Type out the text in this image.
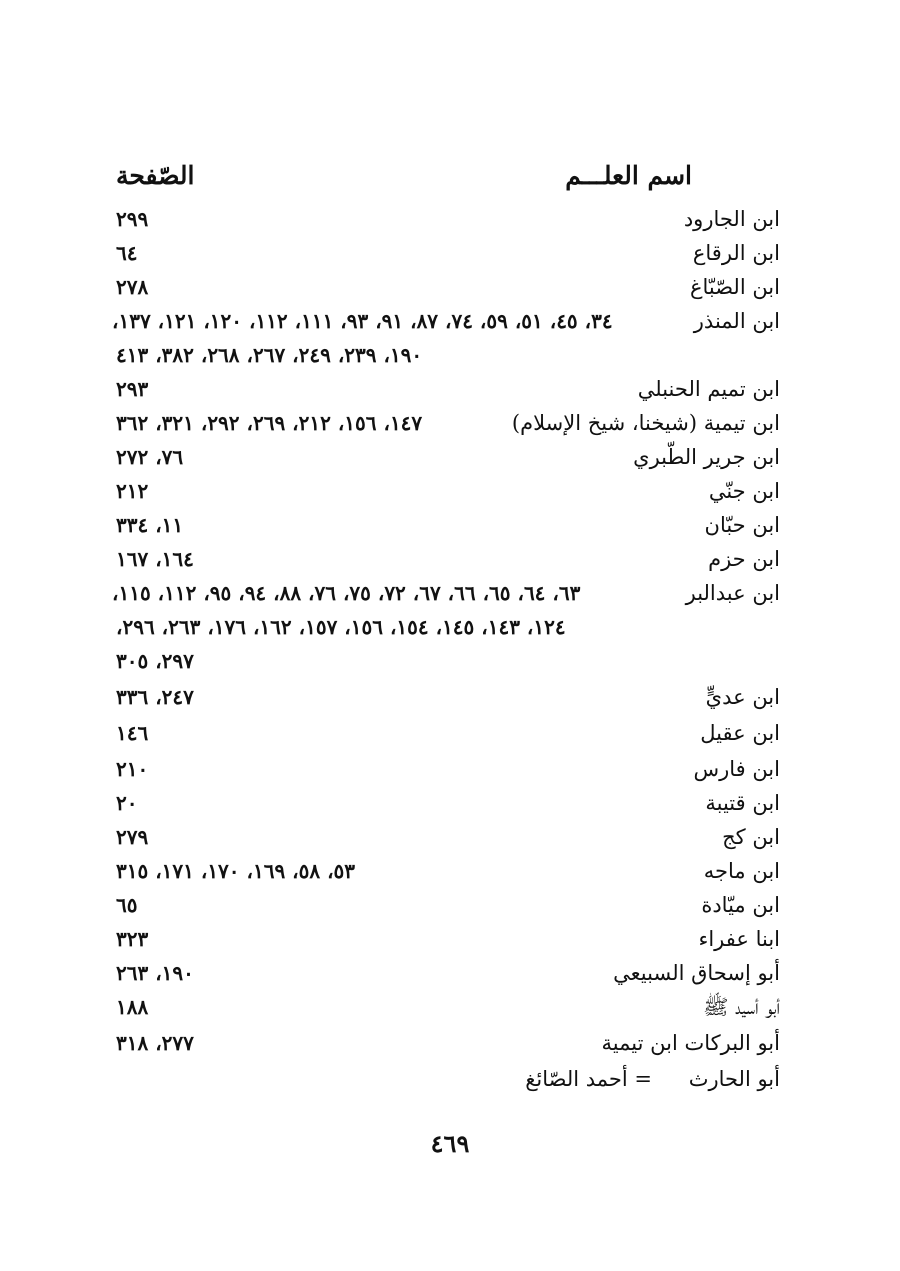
اسم العلـــم
الصّفحة
ابن الجارود
٢٩٩
ابن الرقاع
٦٤
ابن الصّبّاغ
٢٧٨
ابن المنذر
٣٤، ٤٥، ٥١، ٥٩، ٧٤، ٨٧، ٩١، ٩٣، ١١١، ١١٢، ١٢٠، ١٢١، ١٣٧،
١٩٠، ٢٣٩، ٢٤٩، ٢٦٧، ٢٦٨، ٣٨٢، ٤١٣
ابن تميم الحنبلي
٢٩٣
ابن تيمية (شيخنا، شيخ الإسلام)
١٤٧، ١٥٦، ٢١٢، ٢٦٩، ٢٩٢، ٣٢١، ٣٦٢
ابن جرير الطّبري
٧٦، ٢٧٢
ابن جنّي
٢١٢
ابن حبّان
١١، ٣٣٤
ابن حزم
١٦٤، ١٦٧
ابن عبدالبر
٦٣، ٦٤، ٦٥، ٦٦، ٦٧، ٧٢، ٧٥، ٧٦، ٨٨، ٩٤، ٩٥، ١١٢، ١١٥،
١٢٤، ١٤٣، ١٤٥، ١٥٤، ١٥٦، ١٥٧، ١٦٢، ١٧٦، ٢٦٣، ٢٩٦،
٢٩٧، ٣٠٥
ابن عديٍّ
٢٤٧، ٣٣٦
ابن عقيل
١٤٦
ابن فارس
٢١٠
ابن قتيبة
٢٠
ابن كج
٢٧٩
ابن ماجه
٥٣، ٥٨، ١٦٩، ١٧٠، ١٧١، ٣١٥
ابن ميّادة
٦٥
ابنا عفراء
٣٢٣
أبو إسحاق السبيعي
١٩٠، ٢٦٣
أبو أسيد ﷺ
١٨٨
أبو البركات ابن تيمية
٢٧٧، ٣١٨
أبو الحارث
= أحمد الصّائغ
٤٦٩
